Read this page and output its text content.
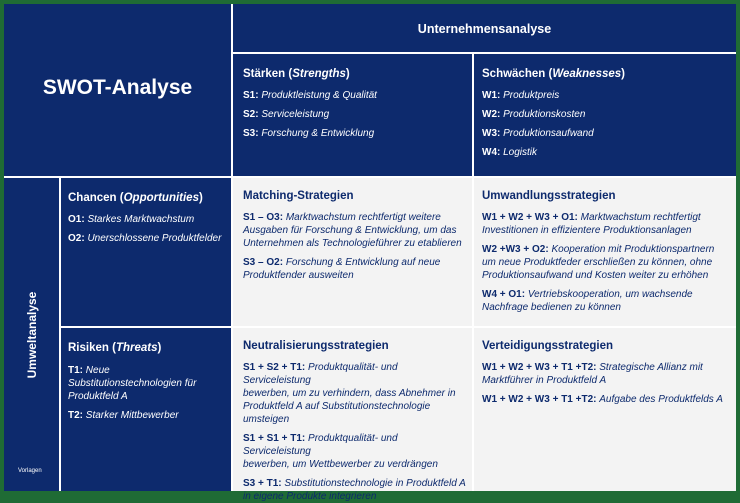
SWOT-Analyse
Unternehmensanalyse
Stärken (Strengths)
S1: Produktleistung & Qualität
S2: Serviceleistung
S3: Forschung & Entwicklung
Schwächen (Weaknesses)
W1: Produktpreis
W2: Produktionskosten
W3: Produktionsaufwand
W4: Logistik
Umweltanalyse
Vorlagen
Chancen (Opportunities)
O1: Starkes Marktwachstum
O2: Unerschlossene Produktfelder
Risiken (Threats)
T1: Neue
Substitutionstechnologien für
Produktfeld A
T2: Starker Mittbewerber
Matching-Strategien
S1 – O3: Marktwachstum rechtfertigt weitere
Ausgaben für Forschung & Entwicklung, um das
Unternehmen als Technologieführer zu etablieren
S3 – O2: Forschung & Entwicklung auf neue
Produktfender ausweiten
Umwandlungsstrategien
W1 + W2 + W3 + O1: Marktwachstum rechtfertigt
Investitionen in effizientere Produktionsanlagen
W2 +W3 + O2: Kooperation mit Produktionspartnern
um neue Produktfeder erschließen zu können, ohne
Produktionsaufwand und Kosten weiter zu erhöhen
W4 + O1: Vertriebskooperation, um wachsende
Nachfrage bedienen zu können
Neutralisierungsstrategien
S1 + S2 + T1: Produktqualität- und Serviceleistung
bewerben, um zu verhindern, dass Abnehmer in
Produktfeld A auf Substitutionstechnologie
umsteigen
S1 + S1 + T1: Produktqualität- und Serviceleistung
bewerben, um Wettbewerber zu verdrängen
S3 + T1: Substitutionstechnologie in Produktfeld A
in eigene Produkte integrieren
Verteidigungsstrategien
W1 + W2 + W3 + T1 +T2: Strategische Allianz mit
Marktführer in Produktfeld A
W1 + W2 + W3 + T1 +T2: Aufgabe des Produktfelds A
